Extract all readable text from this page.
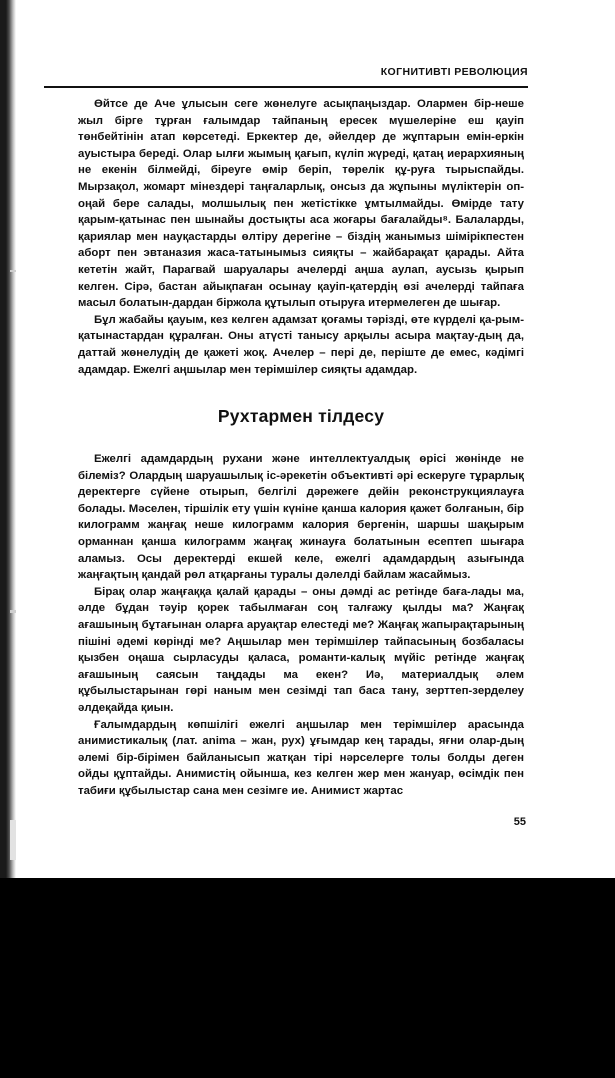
КОГНИТИВТІ РЕВОЛЮЦИЯ

Өйтсе де Аче ұлысын сеге жөнелуге асықпаңыздар. Олармен бір-неше жыл бірге тұрған ғалымдар тайпаның ересек мүшелеріне еш қауіп төнбейтінін атап көрсетеді. Еркектер де, әйелдер де жұптарын емін-еркін ауыстыра береді. Олар ылғи жымың қағып, күліп жүреді, қатаң иерархияның не екенін білмейді, біреуге өмір беріп, төрелік құ-руға тырыспайды. Мырзақол, жомарт мінездері таңғаларлық, онсыз да жұпыны мүліктерін оп-оңай бере салады, молшылық пен жетістікке ұмтылмайды. Өмірде тату қарым-қатынас пен шынайы достықты аса жоғары бағалайды⁸. Балаларды, қариялар мен науқастарды өлтіру дерегіне – біздің жанымыз шімірікпестен аборт пен эвтаназия жаса-татынымыз сияқты – жайбарақат қарады. Айта кететін жайт, Парагвай шаруалары ачелерді аңша аулап, аусызь қырып келген. Сірә, бастан айықпаған осынау қауіп-қатердің өзі ачелерді тайпаға масыл болатын-дардан біржола құтылып отыруға итермелеген де шығар.

Бұл жабайы қауым, кез келген адамзат қоғамы тәрізді, өте күрделі қа-рым-қатынастардан құралған. Оны атүсті танысу арқылы асыра мақтау-дың да, даттай жөнелудің де қажеті жоқ. Ачелер – пері де, періште де емес, кәдімгі адамдар. Ежелгі аңшылар мен терімшілер сияқты адамдар.

Рухтармен тілдесу

Ежелгі адамдардың рухани және интеллектуалдық өрісі жөнінде не білеміз? Олардың шаруашылық іс-әрекетін объективті әрі ескеруге тұрарлық деректерге сүйене отырып, белгілі дәрежеге дейін реконструкциялауға болады. Мәселен, тіршілік ету үшін күніне қанша калория қажет болғанын, бір килограмм жаңғақ неше килограмм калория бергенін, шаршы шақырым орманнан қанша килограмм жаңғақ жинауға болатынын есептеп шығара аламыз. Осы деректерді екшей келе, ежелгі адамдардың азығында жаңғақтың қандай рөл атқарғаны туралы дәлелді байлам жасаймыз.

Бірақ олар жаңғаққа қалай қарады – оны дәмді ас ретінде баға-лады ма, әлде бұдан тәуір қорек табылмаған соң талғажу қылды ма? Жаңғақ ағашының бұтағынан оларға аруақтар елестеді ме? Жаңғақ жапырақтарының пішіні әдемі көрінді ме? Аңшылар мен терімшілер тайпасының бозбаласы қызбен оңаша сырласуды қаласа, романти-калық мүйіс ретінде жаңғақ ағашының саясын таңдады ма екен? Иә, материалдық әлем құбылыстарынан гөрі наным мен сезімді тап баса тану, зерттеп-зерделеу әлдеқайда қиын.

Ғалымдардың көпшілігі ежелгі аңшылар мен терімшілер арасында анимистикалық (лат. anima – жан, рух) ұғымдар кең тарады, яғни олар-дың әлемі бір-бірімен байланысып жатқан тірі нәрселерге толы болды деген ойды құптайды. Анимистің ойынша, кез келген жер мен жануар, өсімдік пен табиғи құбылыстар сана мен сезімге ие. Анимист жартас

55
